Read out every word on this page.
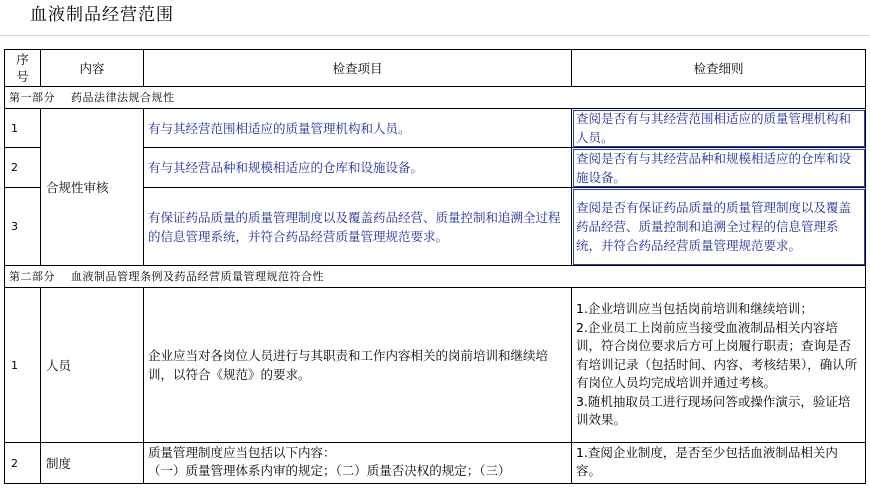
血液制品经营范围
序
号	内容	检查项目	检查细则
第一部分    药品法律法规合规性			
1	合规性审核	有与其经营范围相适应的质量管理机构和人员。	查阅是否有与其经营范围相适应的质量管理机构和人员。
2		有与其经营品种和规模相适应的仓库和设施设备。	查阅是否有与其经营品种和规模相适应的仓库和设施设备。
3		有保证药品质量的质量管理制度以及覆盖药品经营、质量控制和追溯全过程的信息管理系统，并符合药品经营质量管理规范要求。	查阅是否有保证药品质量的质量管理制度以及覆盖药品经营、质量控制和追溯全过程的信息管理系统，并符合药品经营质量管理规范要求。
第二部分    血液制品管理条例及药品经营质量管理规范符合性			
1	人员	企业应当对各岗位人员进行与其职责和工作内容相关的岗前培训和继续培训，以符合《规范》的要求。	1.企业培训应当包括岗前培训和继续培训；
2.企业员工上岗前应当接受血液制品相关内容培训，符合岗位要求后方可上岗履行职责；查询是否有培训记录（包括时间、内容、考核结果），确认所有岗位人员均完成培训并通过考核。
3.随机抽取员工进行现场问答或操作演示，验证培训效果。

2	制度	质量管理制度应当包括以下内容：
（一）质量管理体系内审的规定；（二）质量否决权的规定；（三）	1.查阅企业制度，是否至少包括血液制品相关内容。
